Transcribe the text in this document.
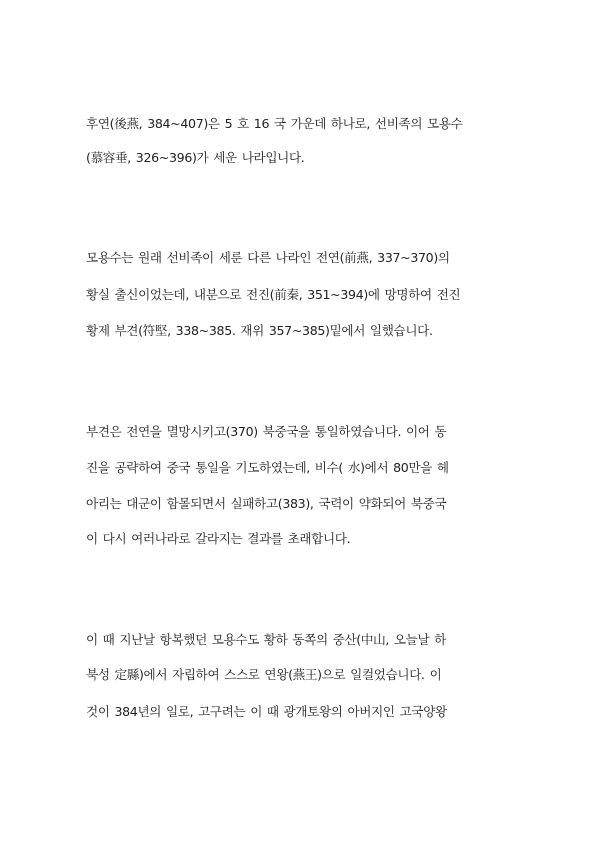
후연(後燕, 384~407)은 5 호 16 국 가운데 하나로, 선비족의 모용수
(慕容垂, 326~396)가 세운 나라입니다.
모용수는 원래 선비족이 세룬 다른 나라인 전연(前燕, 337~370)의
황실 출신이었는데, 내분으로 전진(前秦, 351~394)에 망명하여 전진
황제 부견(符堅, 338~385. 재위 357~385)밑에서 일했습니다.
부견은 전연을 멸망시키고(370) 북중국을 통일하였습니다. 이어 동
진을 공략하여 중국 통일을 기도하였는데, 비수( 水)에서 80만을 헤
아리는 대군이 함몰되면서 실패하고(383), 국력이 약화되어 북중국
이 다시 여러나라로 갈라지는 결과를 초래합니다.
이 때 지난날 항복했던 모용수도 황하 동쪽의 중산(中山, 오늘날 하
북성 定縣)에서 자립하여 스스로 연왕(燕王)으로 일컬었습니다. 이
것이 384년의 일로, 고구려는 이 때 광개토왕의 아버지인 고국양왕
